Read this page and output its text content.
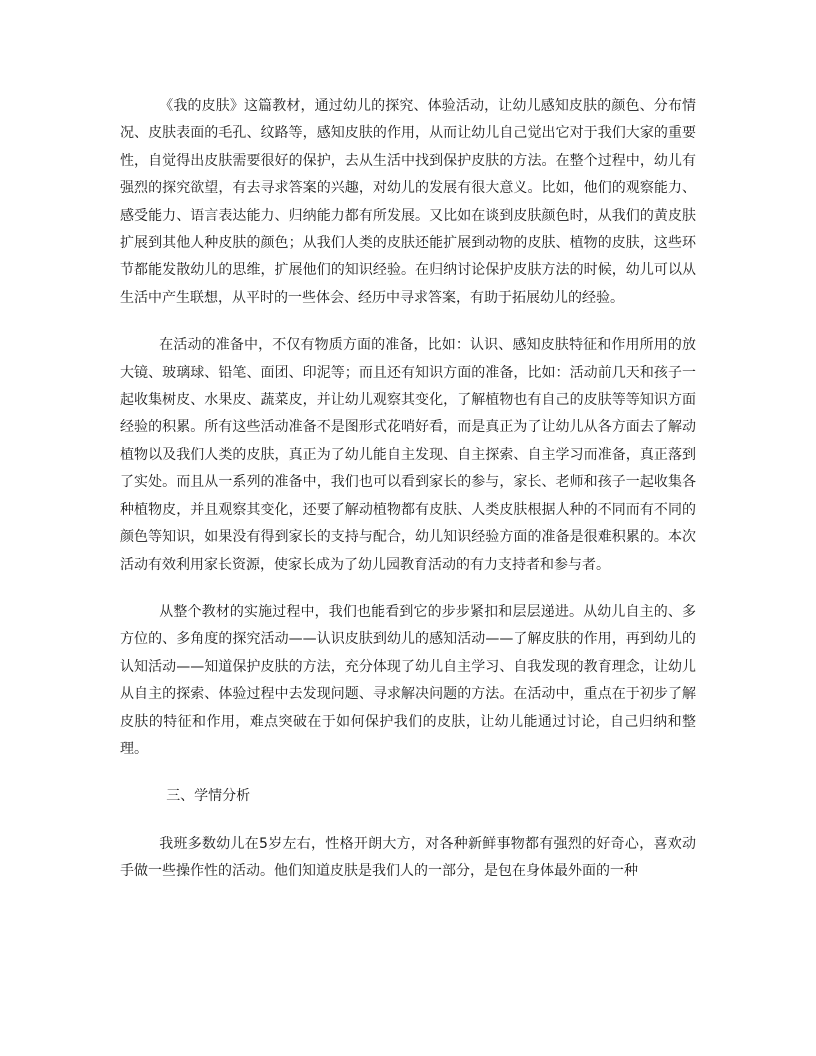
《我的皮肤》这篇教材，通过幼儿的探究、体验活动，让幼儿感知皮肤的颜色、分布情况、皮肤表面的毛孔、纹路等，感知皮肤的作用，从而让幼儿自己觉出它对于我们大家的重要性，自觉得出皮肤需要很好的保护，去从生活中找到保护皮肤的方法。在整个过程中，幼儿有强烈的探究欲望，有去寻求答案的兴趣，对幼儿的发展有很大意义。比如，他们的观察能力、感受能力、语言表达能力、归纳能力都有所发展。又比如在谈到皮肤颜色时，从我们的黄皮肤扩展到其他人种皮肤的颜色；从我们人类的皮肤还能扩展到动物的皮肤、植物的皮肤，这些环节都能发散幼儿的思维，扩展他们的知识经验。在归纳讨论保护皮肤方法的时候，幼儿可以从生活中产生联想，从平时的一些体会、经历中寻求答案，有助于拓展幼儿的经验。

在活动的准备中，不仅有物质方面的准备，比如：认识、感知皮肤特征和作用所用的放大镜、玻璃球、铅笔、面团、印泥等；而且还有知识方面的准备，比如：活动前几天和孩子一起收集树皮、水果皮、蔬菜皮，并让幼儿观察其变化，了解植物也有自己的皮肤等等知识方面经验的积累。所有这些活动准备不是图形式花哨好看，而是真正为了让幼儿从各方面去了解动植物以及我们人类的皮肤，真正为了幼儿能自主发现、自主探索、自主学习而准备，真正落到了实处。而且从一系列的准备中，我们也可以看到家长的参与，家长、老师和孩子一起收集各种植物皮，并且观察其变化，还要了解动植物都有皮肤、人类皮肤根据人种的不同而有不同的颜色等知识，如果没有得到家长的支持与配合，幼儿知识经验方面的准备是很难积累的。本次活动有效利用家长资源，使家长成为了幼儿园教育活动的有力支持者和参与者。

从整个教材的实施过程中，我们也能看到它的步步紧扣和层层递进。从幼儿自主的、多方位的、多角度的探究活动——认识皮肤到幼儿的感知活动——了解皮肤的作用，再到幼儿的认知活动——知道保护皮肤的方法，充分体现了幼儿自主学习、自我发现的教育理念，让幼儿从自主的探索、体验过程中去发现问题、寻求解决问题的方法。在活动中，重点在于初步了解皮肤的特征和作用，难点突破在于如何保护我们的皮肤，让幼儿能通过讨论，自己归纳和整理。

三、学情分析

我班多数幼儿在5岁左右，性格开朗大方，对各种新鲜事物都有强烈的好奇心，喜欢动手做一些操作性的活动。他们知道皮肤是我们人的一部分，是包在身体最外面的一种
